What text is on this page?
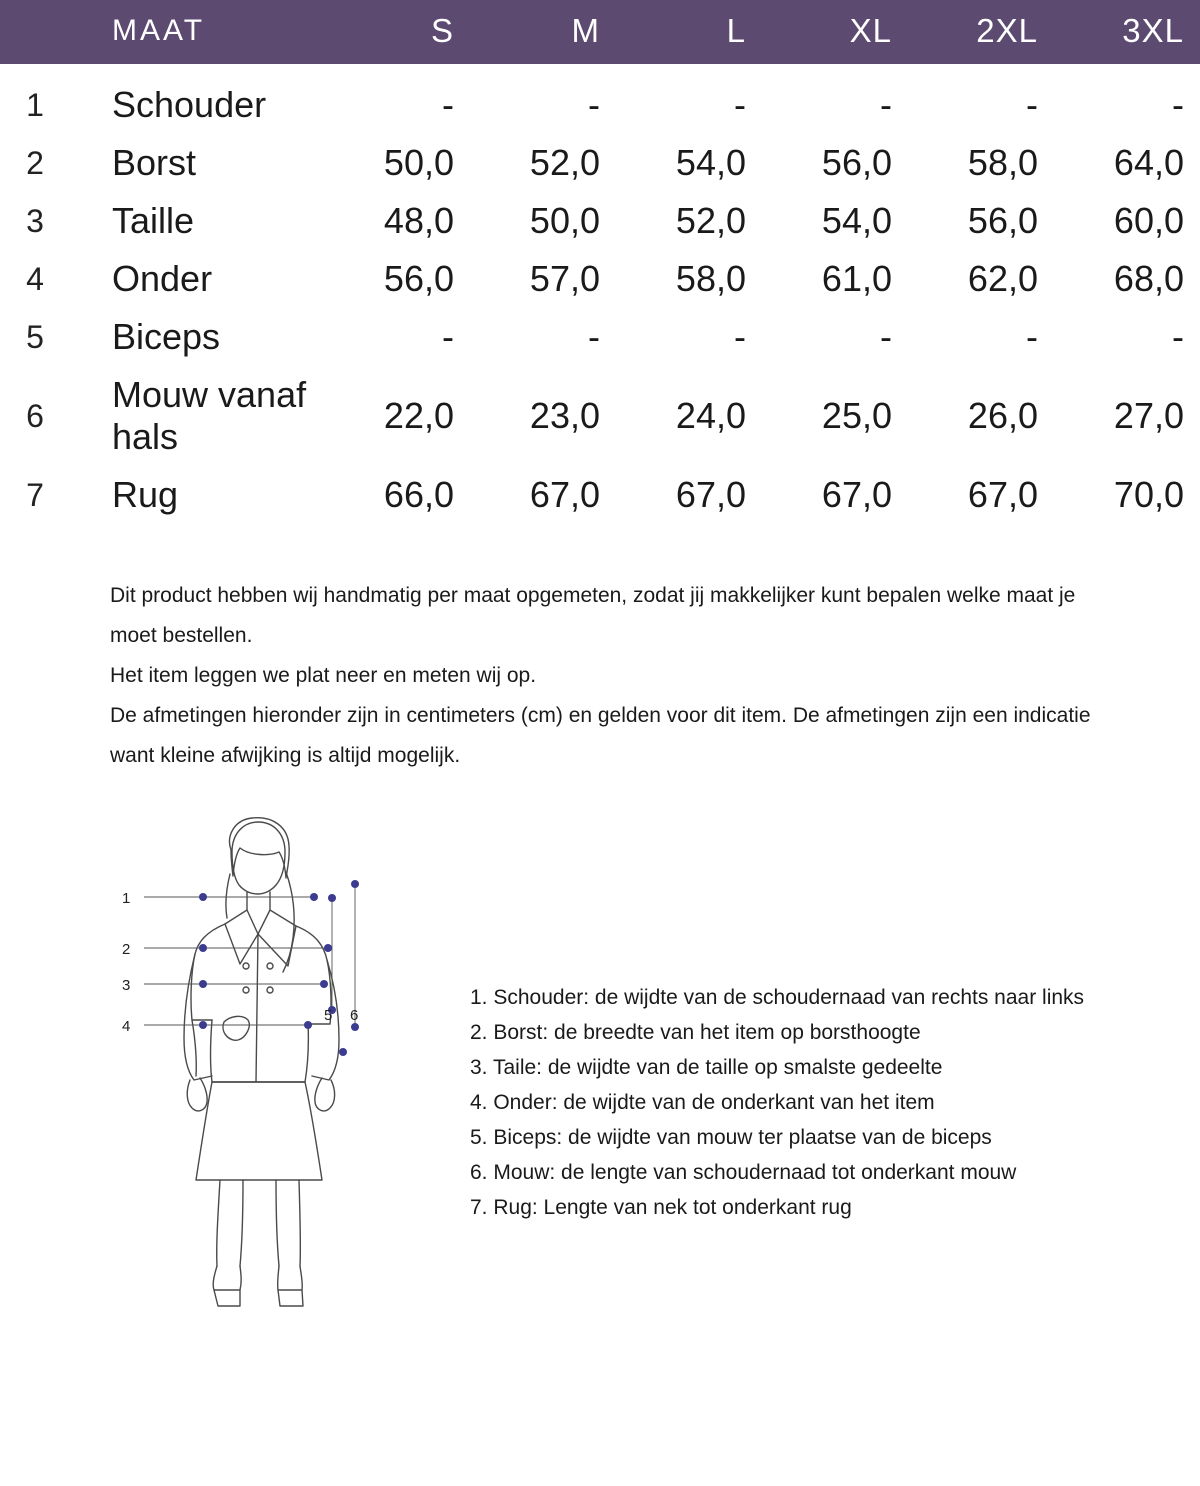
	MAAT	S	M	L	XL	2XL	3XL
1	Schouder	-	-	-	-	-	-
2	Borst	50,0	52,0	54,0	56,0	58,0	64,0
3	Taille	48,0	50,0	52,0	54,0	56,0	60,0
4	Onder	56,0	57,0	58,0	61,0	62,0	68,0
5	Biceps	-	-	-	-	-	-
6	Mouw vanaf hals	22,0	23,0	24,0	25,0	26,0	27,0
7	Rug	66,0	67,0	67,0	67,0	67,0	70,0

Dit product hebben wij handmatig per maat opgemeten, zodat jij makkelijker kunt bepalen welke maat je moet bestellen.

Het item leggen we plat neer en meten wij op.

De afmetingen hieronder zijn in centimeters (cm) en gelden voor dit item. De afmetingen zijn een indicatie want kleine afwijking is altijd mogelijk.

1
2
3
4
5 6
1. Schouder: de wijdte van de schoudernaad van rechts naar links
2. Borst: de breedte van het item op borsthoogte
3. Taile: de wijdte van de taille op smalste gedeelte
4. Onder: de wijdte van de onderkant van het item
5. Biceps: de wijdte van mouw ter plaatse van de biceps
6. Mouw: de lengte van schoudernaad tot onderkant mouw
7. Rug: Lengte van nek tot onderkant rug
